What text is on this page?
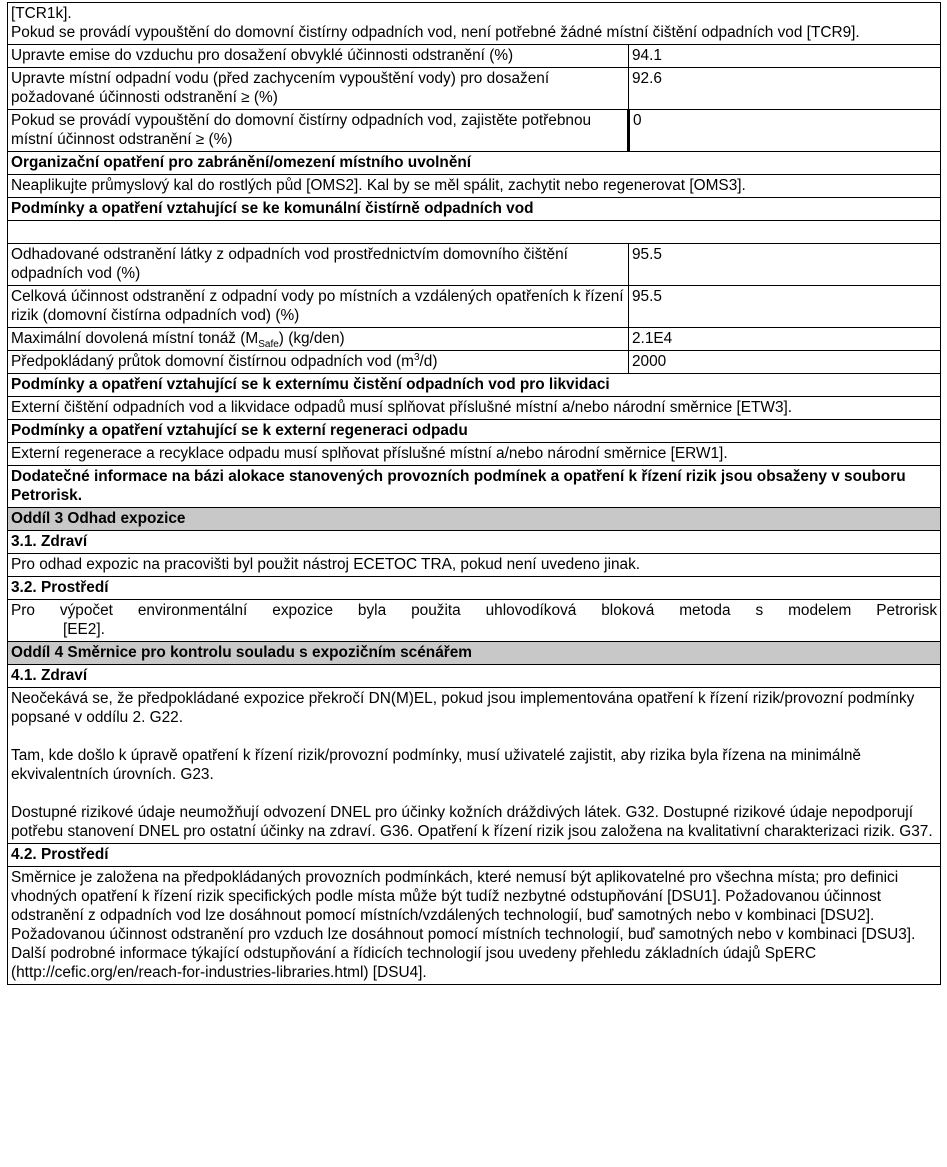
[TCR1k].
Pokud se provádí vypouštění do domovní čistírny odpadních vod, není potřebné žádné místní čištění odpadních vod [TCR9].	

Upravte emise do vzduchu pro dosažení obvyklé účinnosti odstranění (%)	94.1
Upravte místní odpadní vodu (před zachycením vypouštění vody) pro dosažení požadované účinnosti odstranění ≥ (%)	92.6
Pokud se provádí vypouštění do domovní čistírny odpadních vod, zajistěte potřebnou místní účinnost odstranění ≥ (%)	0
Organizační opatření pro zabránění/omezení místního uvolnění	
Neaplikujte průmyslový kal do rostlých půd [OMS2]. Kal by se měl spálit, zachytit nebo regenerovat [OMS3].	
Podmínky a opatření vztahující se ke komunální čistírně odpadních vod	

Odhadované odstranění látky z odpadních vod prostřednictvím domovního čištění odpadních vod (%)	95.5
Celková účinnost odstranění z odpadní vody po místních a vzdálených opatřeních k řízení rizik (domovní čistírna odpadních vod) (%)	95.5
Maximální dovolená místní tonáž $(M_{Safe})$ (kg/den)	2.1E4
Předpokládaný průtok domovní čistírnou odpadních vod $(m^3/d)$	2000
Podmínky a opatření vztahující se k externímu čistění odpadních vod pro likvidaci	
Externí čištění odpadních vod a likvidace odpadů musí splňovat příslušné místní a/nebo národní směrnice [ETW3].	
Podmínky a opatření vztahující se k externí regeneraci odpadu	
Externí regenerace a recyklace odpadu musí splňovat příslušné místní a/nebo národní směrnice [ERW1].	
Dodatečné informace na bázi alokace stanovených provozních podmínek a opatření k řízení rizik jsou obsaženy v souboru Petrorisk.	
Oddíl 3 Odhad expozice	
3.1. Zdraví	
Pro odhad expozic na pracovišti byl použit nástroj ECETOC TRA, pokud není uvedeno jinak.	
3.2. Prostředí	

Pro výpočet environmentální expozice byla použita uhlovodíková bloková metoda s modelem Petrorisk
[EE2].	

Oddíl 4 Směrnice pro kontrolu souladu s expozičním scénářem	
4.1. Zdraví	

Neočekává se, že předpokládané expozice překročí DN(M)EL, pokud jsou implementována opatření k řízení rizik/provozní podmínky popsané v oddílu 2. G22.
Tam, kde došlo k úpravě opatření k řízení rizik/provozní podmínky, musí uživatelé zajistit, aby rizika byla řízena na minimálně ekvivalentních úrovních. G23.
Dostupné rizikové údaje neumožňují odvození DNEL pro účinky kožních dráždivých látek. G32. Dostupné rizikové údaje nepodporují potřebu stanovení DNEL pro ostatní účinky na zdraví. G36. Opatření k řízení rizik jsou založena na kvalitativní charakterizaci rizik. G37.	

4.2. Prostředí	
Směrnice je založena na předpokládaných provozních podmínkách, které nemusí být aplikovatelné pro všechna místa; pro definici vhodných opatření k řízení rizik specifických podle místa může být tudíž nezbytné odstupňování [DSU1]. Požadovanou účinnost odstranění z odpadních vod lze dosáhnout pomocí místních/vzdálených technologií, buď samotných nebo v kombinaci [DSU2]. Požadovanou účinnost odstranění pro vzduch lze dosáhnout pomocí místních technologií, buď samotných nebo v kombinaci [DSU3]. Další podrobné informace týkající odstupňování a řídicích technologií jsou uvedeny přehledu základních údajů SpERC (http://cefic.org/en/reach-for-industries-libraries.html) [DSU4].	
